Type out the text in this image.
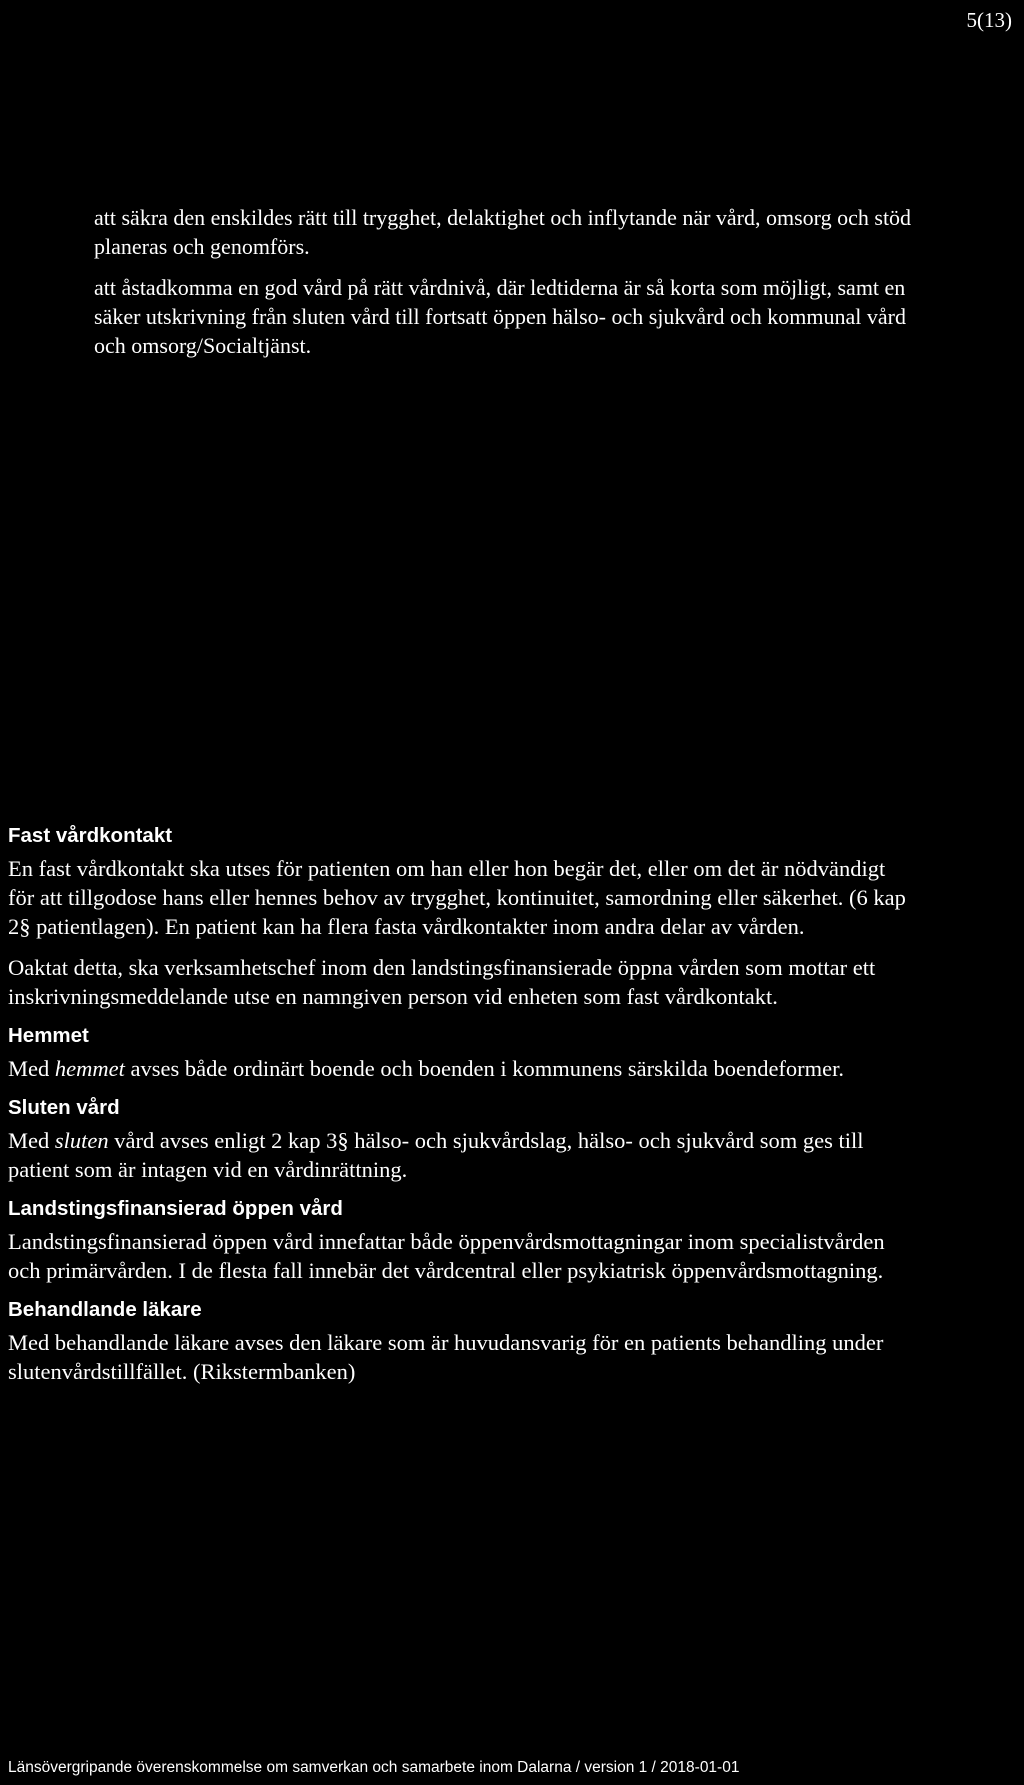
5(13)

att säkra den enskildes rätt till trygghet, delaktighet och inflytande när vård, omsorg och stöd planeras och genomförs.

att åstadkomma en god vård på rätt vårdnivå, där ledtiderna är så korta som möjligt, samt en säker utskrivning från sluten vård till fortsatt öppen hälso- och sjukvård och kommunal vård och omsorg/Socialtjänst.

Fast vårdkontakt

En fast vårdkontakt ska utses för patienten om han eller hon begär det, eller om det är nödvändigt för att tillgodose hans eller hennes behov av trygghet, kontinuitet, samordning eller säkerhet. (6 kap 2§ patientlagen). En patient kan ha flera fasta vårdkontakter inom andra delar av vården.

Oaktat detta, ska verksamhetschef inom den landstingsfinansierade öppna vården som mottar ett inskrivningsmeddelande utse en namngiven person vid enheten som fast vårdkontakt.

Hemmet

Med hemmet avses både ordinärt boende och boenden i kommunens särskilda boendeformer.

Sluten vård

Med sluten vård avses enligt 2 kap 3§ hälso- och sjukvårdslag, hälso- och sjukvård som ges till patient som är intagen vid en vårdinrättning.

Landstingsfinansierad öppen vård

Landstingsfinansierad öppen vård innefattar både öppenvårdsmottagningar inom specialistvården och primärvården. I de flesta fall innebär det vårdcentral eller psykiatrisk öppenvårdsmottagning.

Behandlande läkare

Med behandlande läkare avses den läkare som är huvudansvarig för en patients behandling under slutenvårdstillfället. (Rikstermbanken)

Länsövergripande överenskommelse om samverkan och samarbete inom Dalarna / version 1 / 2018-01-01
